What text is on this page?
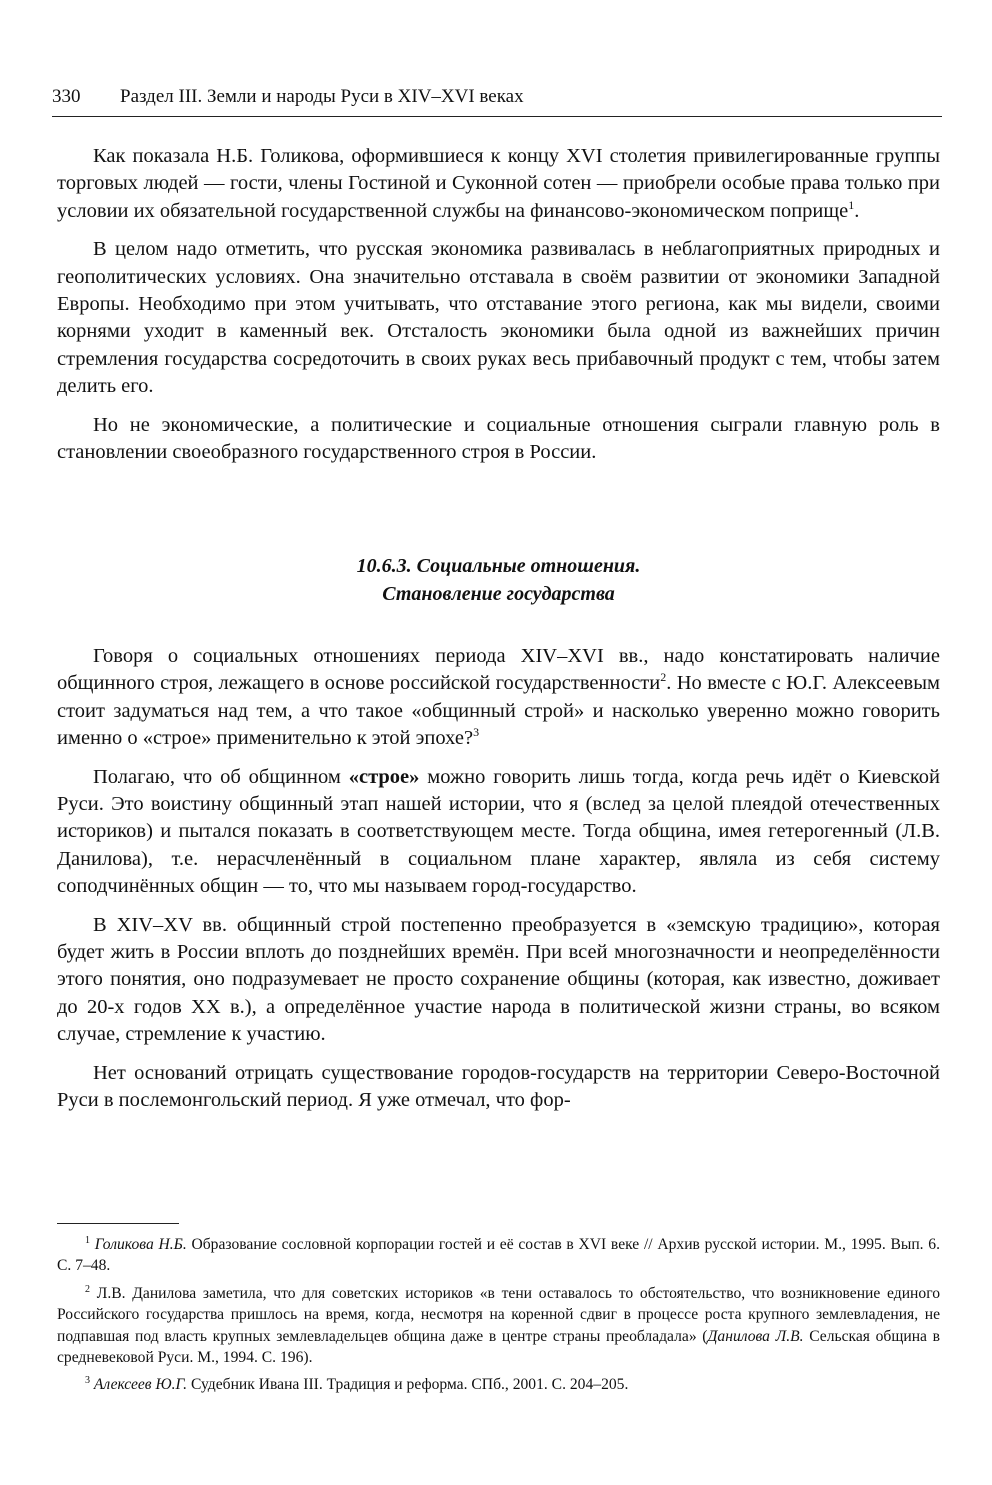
330 Раздел III. Земли и народы Руси в XIV–XVI веках

Как показала Н.Б. Голикова, оформившиеся к концу XVI столетия привилегированные группы торговых людей — гости, члены Гостиной и Суконной сотен — приобрели особые права только при условии их обязательной государственной службы на финансово-экономическом поприще$^1$.

В целом надо отметить, что русская экономика развивалась в неблагоприятных природных и геополитических условиях. Она значительно отставала в своём развитии от экономики Западной Европы. Необходимо при этом учитывать, что отставание этого региона, как мы видели, своими корнями уходит в каменный век. Отсталость экономики была одной из важнейших причин стремления государства сосредоточить в своих руках весь прибавочный продукт с тем, чтобы затем делить его.

Но не экономические, а политические и социальные отношения сыграли главную роль в становлении своеобразного государственного строя в России.

10.6.3. Социальные отношения.
Становление государства

Говоря о социальных отношениях периода XIV–XVI вв., надо констатировать наличие общинного строя, лежащего в основе российской государственности$^2$. Но вместе с Ю.Г. Алексеевым стоит задуматься над тем, а что такое «общинный строй» и насколько уверенно можно говорить именно о «строе» применительно к этой эпохе?$^3$

Полагаю, что об общинном «строе» можно говорить лишь тогда, когда речь идёт о Киевской Руси. Это воистину общинный этап нашей истории, что я (вслед за целой плеядой отечественных историков) и пытался показать в соответствующем месте. Тогда община, имея гетерогенный (Л.В. Данилова), т.е. нерасчленённый в социальном плане характер, являла из себя систему соподчинённых общин — то, что мы называем город-государство.

В XIV–XV вв. общинный строй постепенно преобразуется в «земскую традицию», которая будет жить в России вплоть до позднейших времён. При всей многозначности и неопределённости этого понятия, оно подразумевает не просто сохранение общины (которая, как известно, доживает до 20-х годов XX в.), а определённое участие народа в политической жизни страны, во всяком случае, стремление к участию.

Нет оснований отрицать существование городов-государств на территории Северо-Восточной Руси в послемонгольский период. Я уже отмечал, что фор-

$^1$ Голикова Н.Б. Образование сословной корпорации гостей и её состав в XVI веке // Архив русской истории. М., 1995. Вып. 6. С. 7–48.

$^2$ Л.В. Данилова заметила, что для советских историков «в тени оставалось то обстоятельство, что возникновение единого Российского государства пришлось на время, когда, несмотря на коренной сдвиг в процессе роста крупного землевладения, не подпавшая под власть крупных землевладельцев община даже в центре страны преобладала» (Данилова Л.В. Сельская община в средневековой Руси. М., 1994. С. 196).

$^3$ Алексеев Ю.Г. Судебник Ивана III. Традиция и реформа. СПб., 2001. С. 204–205.
